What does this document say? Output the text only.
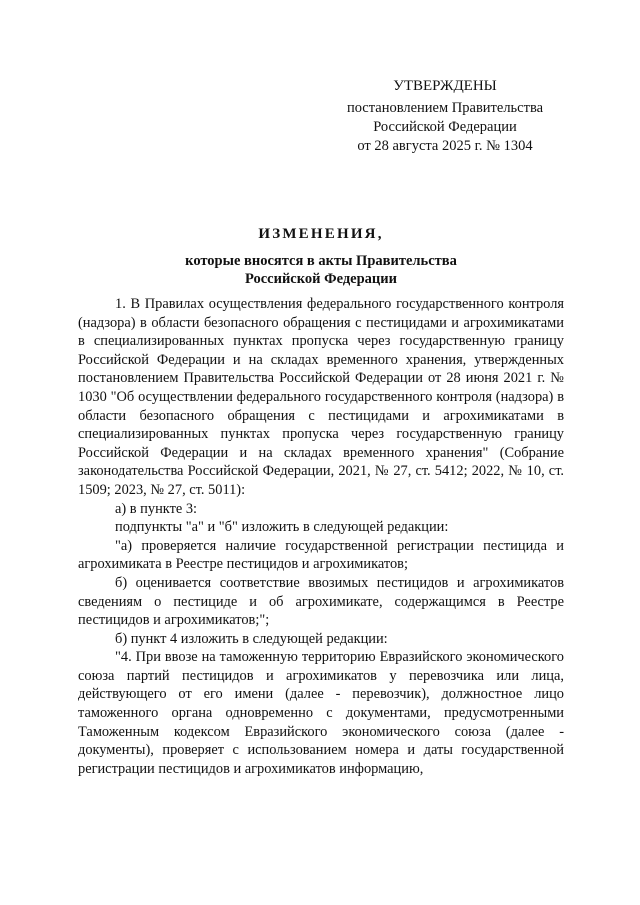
УТВЕРЖДЕНЫ
постановлением Правительства
Российской Федерации
от 28 августа 2025 г. № 1304
ИЗМЕНЕНИЯ,
которые вносятся в акты Правительства
Российской Федерации

1. В Правилах осуществления федерального государственного контроля (надзора) в области безопасного обращения с пестицидами и агрохимикатами в специализированных пунктах пропуска через государственную границу Российской Федерации и на складах временного хранения, утвержденных постановлением Правительства Российской Федерации от 28 июня 2021 г. № 1030 "Об осуществлении федерального государственного контроля (надзора) в области безопасного обращения с пестицидами и агрохимикатами в специализированных пунктах пропуска через государственную границу Российской Федерации и на складах временного хранения" (Собрание законодательства Российской Федерации, 2021, № 27, ст. 5412; 2022, № 10, ст. 1509; 2023, № 27, ст. 5011):

а) в пункте 3:

подпункты "а" и "б" изложить в следующей редакции:

"а) проверяется наличие государственной регистрации пестицида и агрохимиката в Реестре пестицидов и агрохимикатов;

б) оценивается соответствие ввозимых пестицидов и агрохимикатов сведениям о пестициде и об агрохимикате, содержащимся в Реестре пестицидов и агрохимикатов;";

б) пункт 4 изложить в следующей редакции:

"4. При ввозе на таможенную территорию Евразийского экономического союза партий пестицидов и агрохимикатов у перевозчика или лица, действующего от его имени (далее - перевозчик), должностное лицо таможенного органа одновременно с документами, предусмотренными Таможенным кодексом Евразийского экономического союза (далее - документы), проверяет с использованием номера и даты государственной регистрации пестицидов и агрохимикатов информацию,
